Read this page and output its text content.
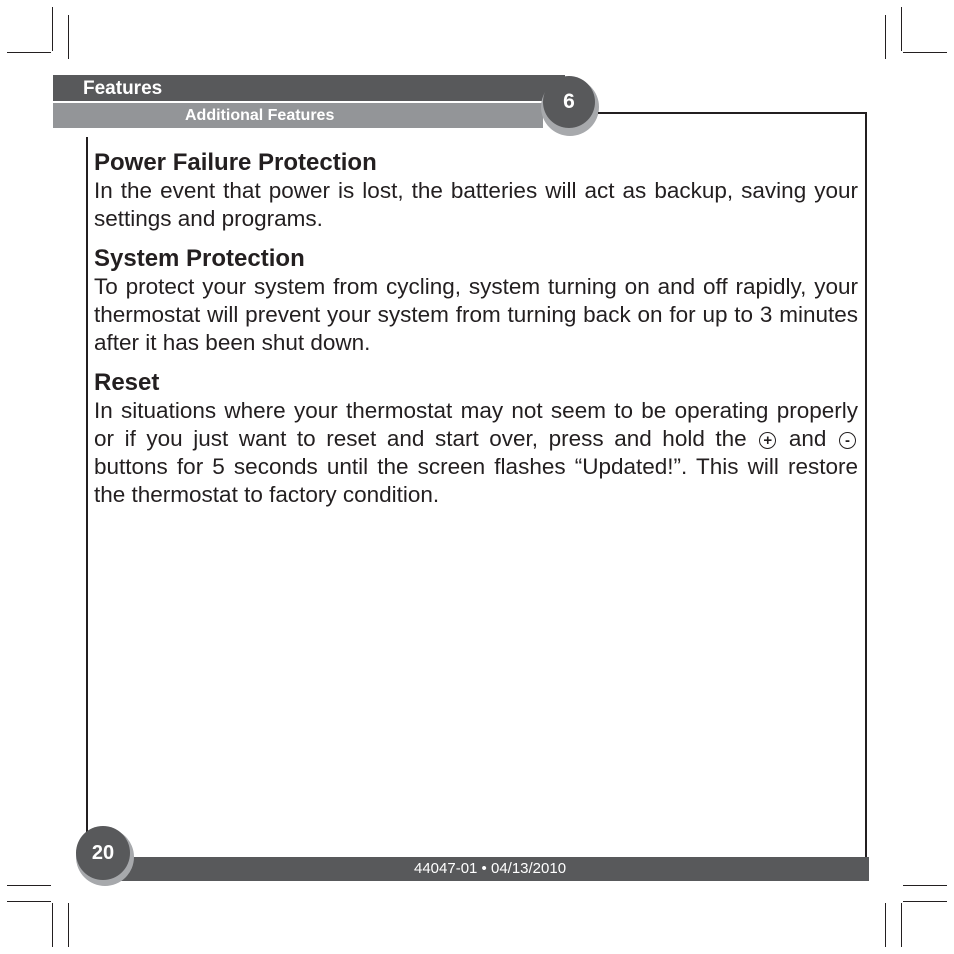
Features
Additional Features
6
Power Failure Protection

In the event that power is lost, the batteries will act as backup, saving your settings and programs.

System Protection

To protect your system from cycling, system turning on and off rapidly, your thermostat will prevent your system from turning back on for up to 3 minutes after it has been shut down.

Reset

In situations where your thermostat may not seem to be operating properly or if you just want to reset and start over, press and hold the + and - buttons for 5 seconds until the screen flashes “Updated!”. This will restore the thermostat to factory condition.

44047-01 • 04/13/2010
20
